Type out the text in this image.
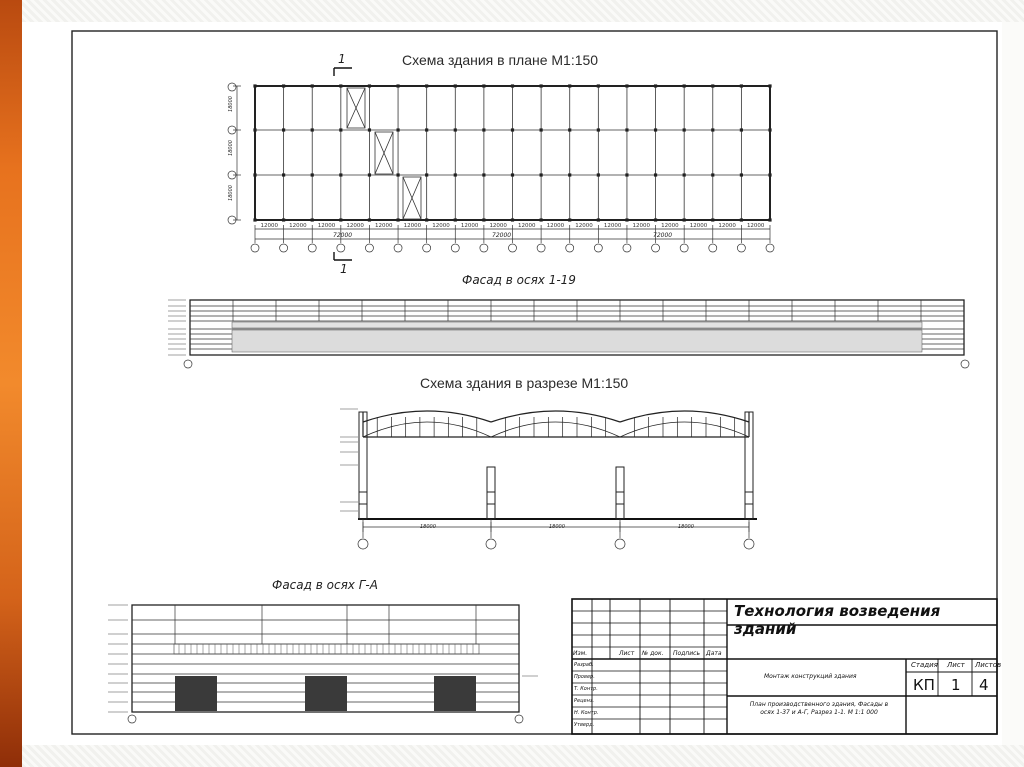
12000 12000 12000 12000 12000 12000 12000 12000 12000 12000 12000 12000 12000 12000 12000 12000 12000 12000
Схема здания в плане М1:150
1
1
72000
72000	72000
18000
18000
18000
Фасад в осях 1-19
Схема здания в разрезе М1:150
18000	18000	18000
Фасад в осях Г-А
Технология возведения зданий
Изм.	Лист № док. Подпись Дата
Разраб.
Провер.
Т. Контр.
Реценз.
Н. Контр.
Утверд.
Монтаж конструкций здания
Стадия Лист Листов
КП 1 4
План производственного здания, Фасады в осях 1-37 и А-Г, Разрез 1-1. М 1:1 000
